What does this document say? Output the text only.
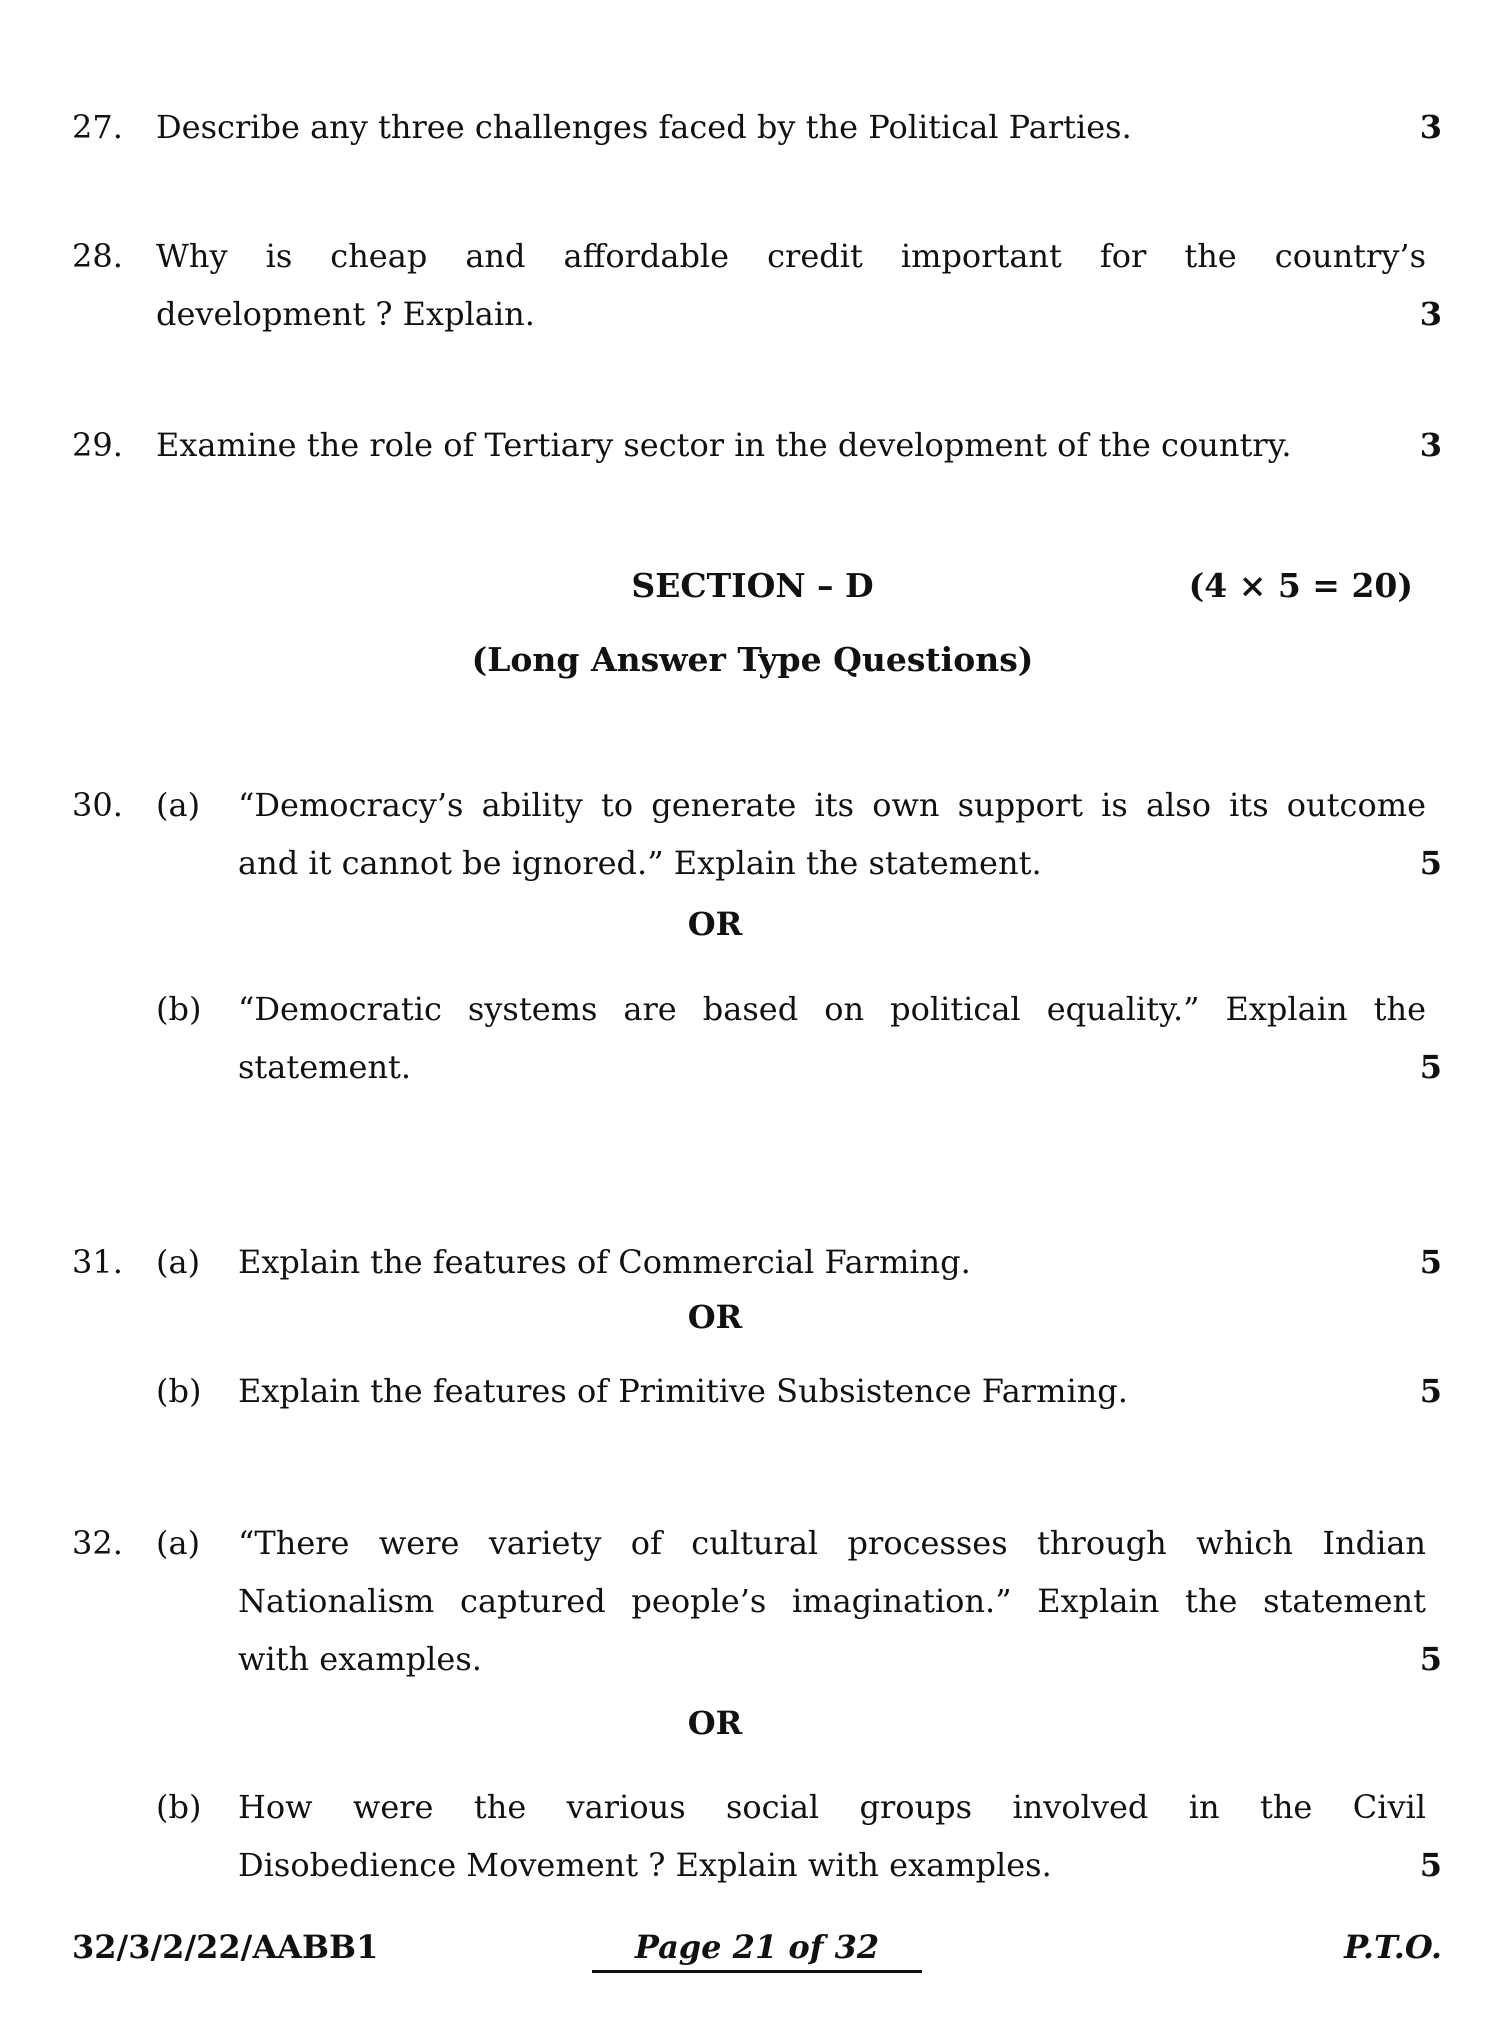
27.	Describe any three challenges faced by the Political Parties.	3
28.	Why is cheap and affordable credit important for the country’s
development ? Explain.	3
29.	Examine the role of Tertiary sector in the development of the country.	3
SECTION – D	(4 × 5 = 20)
(Long Answer Type Questions)
30.	(a)	“Democracy’s ability to generate its own support is also its outcome
and it cannot be ignored.” Explain the statement.	5
OR
(b)	“Democratic systems are based on political equality.” Explain the
statement.	5
31.	(a)	Explain the features of Commercial Farming.	5
OR
(b)	Explain the features of Primitive Subsistence Farming.	5
32.	(a)	“There were variety of cultural processes through which Indian
Nationalism captured people’s imagination.” Explain the statement
with examples.	5
OR
(b)	How were the various social groups involved in the Civil
Disobedience Movement ? Explain with examples.	5
32/3/2/22/AABB1	Page 21 of 32	P.T.O.
